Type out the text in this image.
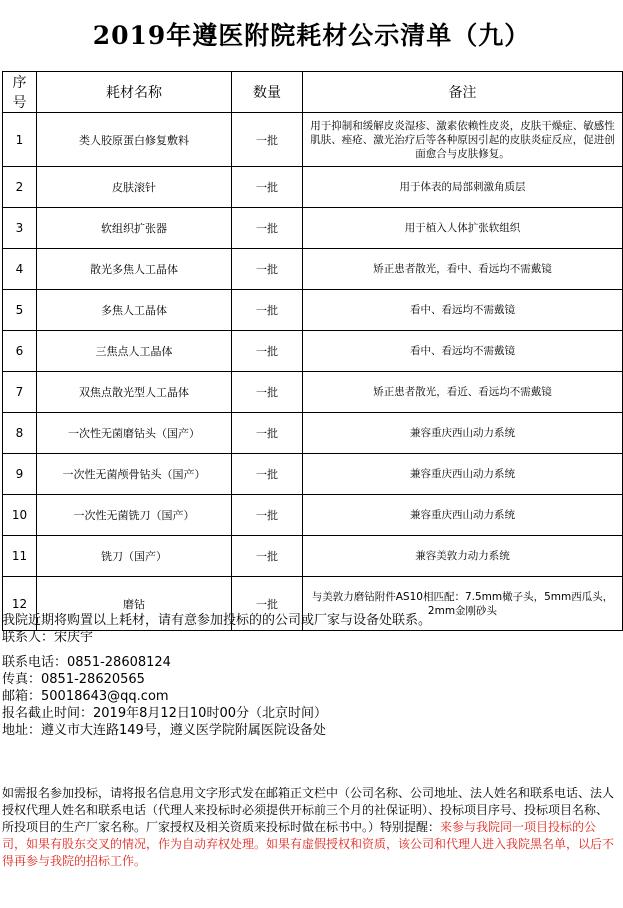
2019年遵医附院耗材公示清单（九）
序号	耗材名称	数量	备注
1	类人胶原蛋白修复敷料	一批	用于抑制和缓解皮炎湿疹、激素依赖性皮炎，皮肤干燥症、敏感性肌肤、痤疮、激光治疗后等各种原因引起的皮肤炎症反应，促进创面愈合与皮肤修复。
2	皮肤滚针	一批	用于体表的局部刺激角质层
3	软组织扩张器	一批	用于植入人体扩张软组织
4	散光多焦人工晶体	一批	矫正患者散光，看中、看远均不需戴镜
5	多焦人工晶体	一批	看中、看远均不需戴镜
6	三焦点人工晶体	一批	看中、看远均不需戴镜
7	双焦点散光型人工晶体	一批	矫正患者散光，看近、看远均不需戴镜
8	一次性无菌磨钻头（国产）	一批	兼容重庆西山动力系统
9	一次性无菌颅骨钻头（国产）	一批	兼容重庆西山动力系统
10	一次性无菌铣刀（国产）	一批	兼容重庆西山动力系统
11	铣刀（国产）	一批	兼容美敦力动力系统
12	磨钻	一批	与美敦力磨钻附件AS10相匹配：7.5mm橄子头，5mm西瓜头，2mm金刚砂头
我院近期将购置以上耗材，请有意参加投标的的公司或厂家与设备处联系。
联系人：宋庆宇
联系电话：0851-28608124
传真：0851-28620565
邮箱：50018643@qq.com
报名截止时间：2019年8月12日10时00分（北京时间）
地址：遵义市大连路149号，遵义医学院附属医院设备处
如需报名参加投标，请将报名信息用文字形式发在邮箱正文栏中（公司名称、公司地址、法人姓名和联系电话、法人授权代理人姓名和联系电话（代理人来投标时必须提供开标前三个月的社保证明）、投标项目序号、投标项目名称、所投项目的生产厂家名称。厂家授权及相关资质来投标时做在标书中。）特别提醒：来参与我院同一项目投标的公司，如果有股东交叉的情况，作为自动弃权处理。如果有虚假授权和资质，该公司和代理人进入我院黑名单，以后不得再参与我院的招标工作。
